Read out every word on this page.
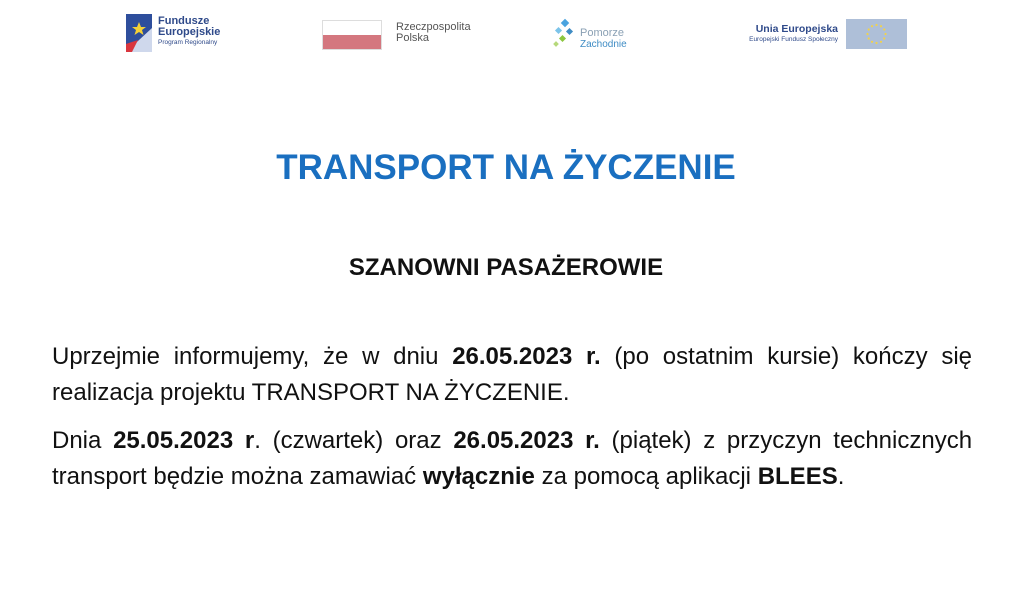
Fundusze
Europejskie
Program Regionalny
Rzeczpospolita
Polska	Pomorze
Zachodnie
Unia Europejska
Europejski Fundusz Społeczny
TRANSPORT NA ŻYCZENIE
SZANOWNI PASAŻEROWIE

Uprzejmie informujemy, że w dniu 26.05.2023 r. (po ostatnim kursie) kończy się realizacja projektu TRANSPORT NA ŻYCZENIE.

Dnia 25.05.2023 r. (czwartek) oraz 26.05.2023 r. (piątek) z przyczyn technicznych transport będzie można zamawiać wyłącznie za pomocą aplikacji BLEES.
